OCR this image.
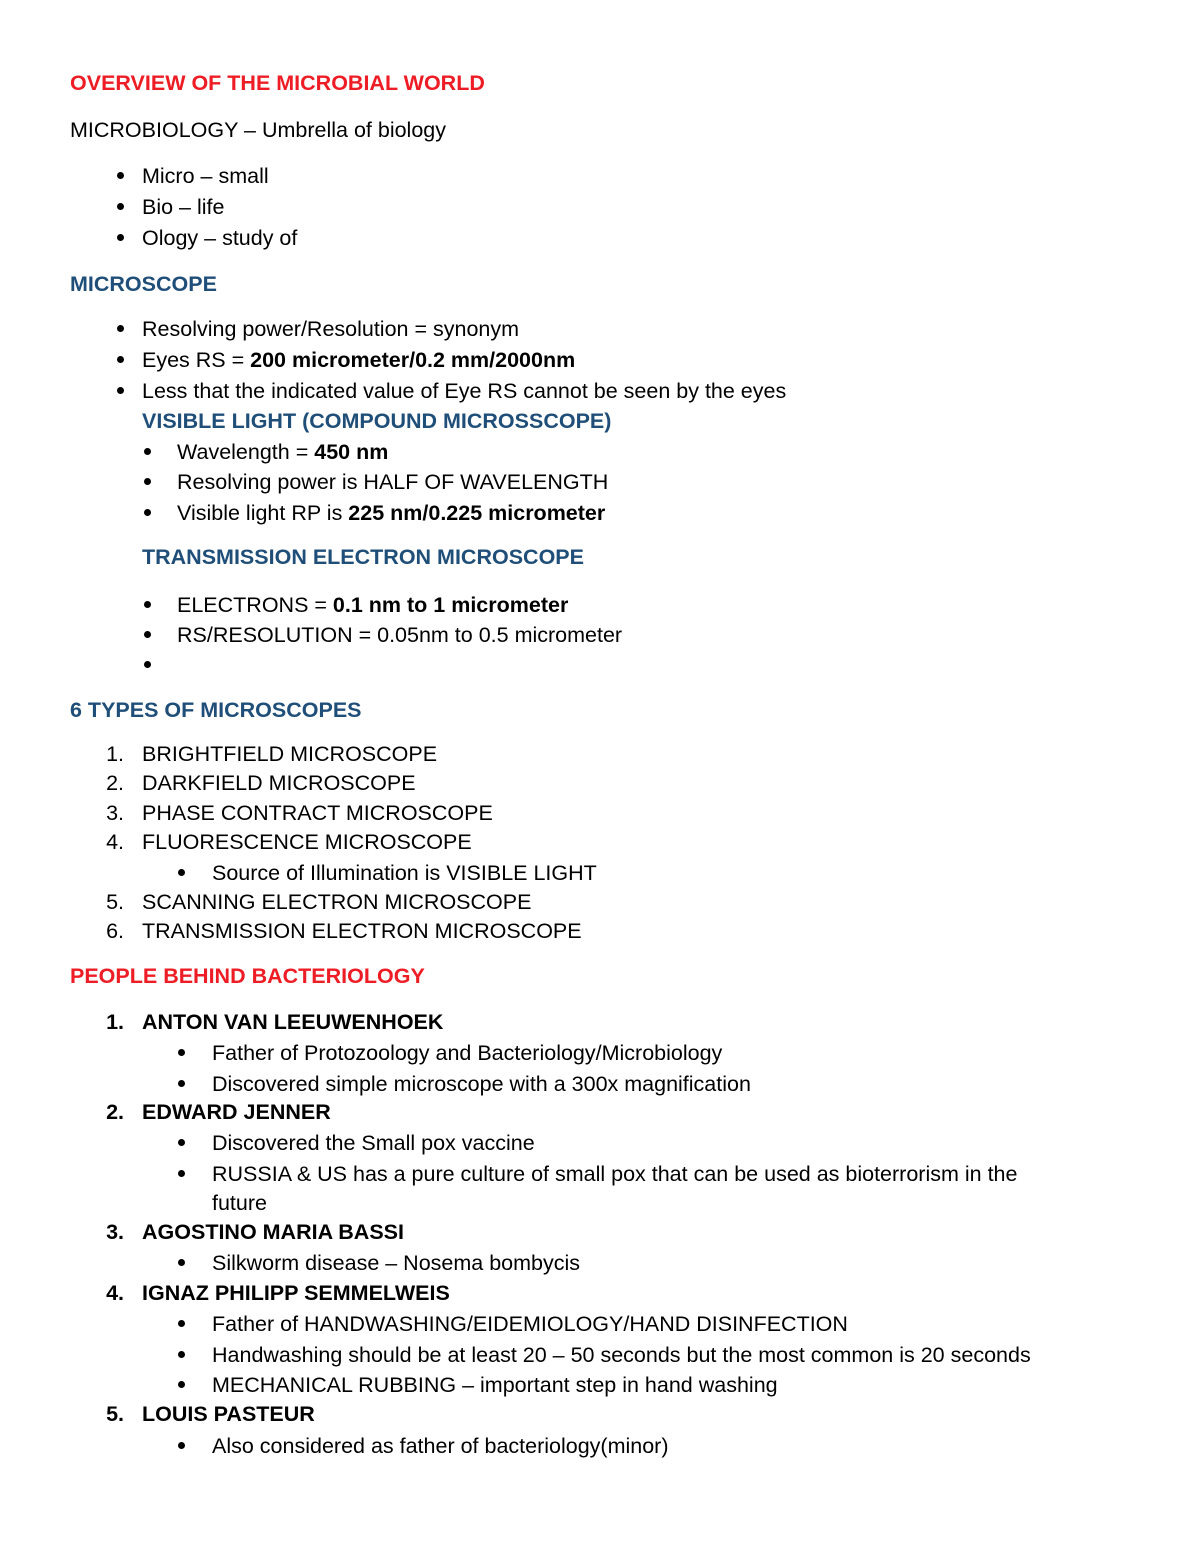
OVERVIEW OF THE MICROBIAL WORLD
MICROBIOLOGY – Umbrella of biology
Micro – small
Bio – life
Ology – study of
MICROSCOPE
Resolving power/Resolution = synonym
Eyes RS = 200 micrometer/0.2 mm/2000nm
Less that the indicated value of Eye RS cannot be seen by the eyes
VISIBLE LIGHT (COMPOUND MICROSSCOPE)
Wavelength = 450 nm
Resolving power is HALF OF WAVELENGTH
Visible light RP is 225 nm/0.225 micrometer
TRANSMISSION ELECTRON MICROSCOPE
ELECTRONS = 0.1 nm to 1 micrometer
RS/RESOLUTION = 0.05nm to 0.5 micrometer
6 TYPES OF MICROSCOPES
1. BRIGHTFIELD MICROSCOPE
2. DARKFIELD MICROSCOPE
3. PHASE CONTRACT MICROSCOPE
4. FLUORESCENCE MICROSCOPE
Source of Illumination is VISIBLE LIGHT
5. SCANNING ELECTRON MICROSCOPE
6. TRANSMISSION ELECTRON MICROSCOPE
PEOPLE BEHIND BACTERIOLOGY
1. ANTON VAN LEEUWENHOEK
Father of Protozoology and Bacteriology/Microbiology
Discovered simple microscope with a 300x magnification
2. EDWARD JENNER
Discovered the Small pox vaccine
RUSSIA & US has a pure culture of small pox that can be used as bioterrorism in the
future
3. AGOSTINO MARIA BASSI
Silkworm disease – Nosema bombycis
4. IGNAZ PHILIPP SEMMELWEIS
Father of HANDWASHING/EIDEMIOLOGY/HAND DISINFECTION
Handwashing should be at least 20 – 50 seconds but the most common is 20 seconds
MECHANICAL RUBBING – important step in hand washing
5. LOUIS PASTEUR
Also considered as father of bacteriology(minor)
